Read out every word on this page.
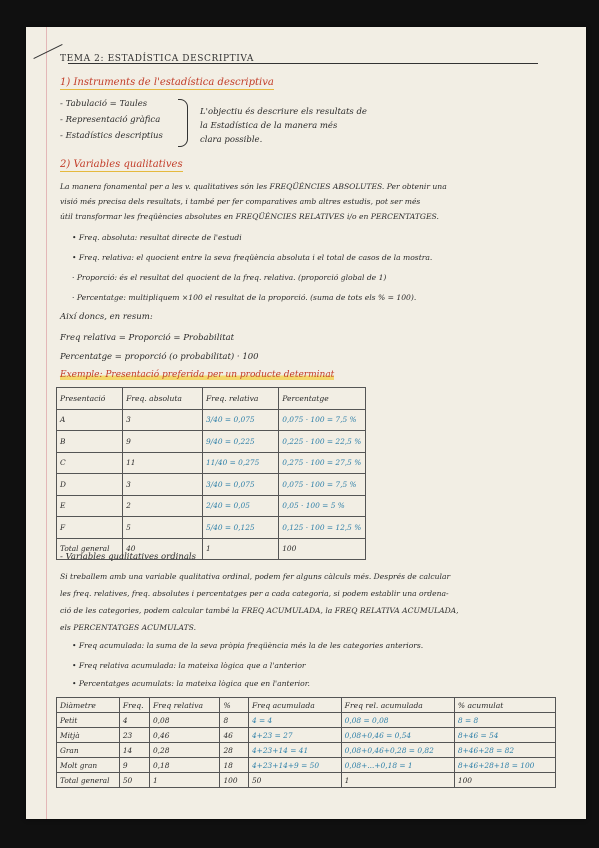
TEMA 2: ESTADÍSTICA DESCRIPTIVA
1) Instruments de l'estadística descriptiva
- Tabulació = Taules
- Representació gràfica
- Estadístics descriptius
L'objectiu és descriure els resultats de
la Estadística de la manera més
clara possible.
2) Variables qualitatives
La manera fonamental per a les v. qualitatives són les FREQÜÈNCIES ABSOLUTES. Per obtenir una
visió més precisa dels resultats, i també per fer comparatives amb altres estudis, pot ser més
útil transformar les freqüències absolutes en FREQÜÈNCIES RELATIVES i/o en PERCENTATGES.
• Freq. absoluta: resultat directe de l'estudi
• Freq. relativa: el quocient entre la seva freqüència absoluta i el total de casos de la mostra.
· Proporció: és el resultat del quocient de la freq. relativa. (proporció global de 1)
· Percentatge: multipliquem ×100 el resultat de la proporció. (suma de tots els % = 100).
Així doncs, en resum:
Freq relativa = Proporció = Probabilitat
Percentatge = proporció (o probabilitat) · 100
Exemple: Presentació preferida per un producte determinat
Presentació	Freq. absoluta	Freq. relativa	Percentatge
A	3	3/40 = 0,075	0,075 · 100 = 7,5 %
B	9	9/40 = 0,225	0,225 · 100 = 22,5 %
C	11	11/40 = 0,275	0,275 · 100 = 27,5 %
D	3	3/40 = 0,075	0,075 · 100 = 7,5 %
E	2	2/40 = 0,05	0,05 · 100 = 5 %
F	5	5/40 = 0,125	0,125 · 100 = 12,5 %
Total general	40	1	100
- Variables qualitatives ordinals
Si treballem amb una variable qualitativa ordinal, podem fer alguns càlculs més. Després de calcular
les freq. relatives, freq. absolutes i percentatges per a cada categoria, si podem establir una ordena-
ció de les categories, podem calcular també la FREQ ACUMULADA, la FREQ RELATIVA ACUMULADA,
els PERCENTATGES ACUMULATS.
• Freq acumulada: la suma de la seva pròpia freqüència més la de les categories anteriors.
• Freq relativa acumulada: la mateixa lògica que a l'anterior
• Percentatges acumulats: la mateixa lògica que en l'anterior.
Diàmetre	Freq.	Freq relativa	%	Freq acumulada	Freq rel. acumulada	% acumulat
Petit	4	0,08	8	4 = 4	0,08 = 0,08	8 = 8
Mitjà	23	0,46	46	4+23 = 27	0,08+0,46 = 0,54	8+46 = 54
Gran	14	0,28	28	4+23+14 = 41	0,08+0,46+0,28 = 0,82	8+46+28 = 82
Molt gran	9	0,18	18	4+23+14+9 = 50	0,08+...+0,18 = 1	8+46+28+18 = 100
Total general	50	1	100	50	1	100
